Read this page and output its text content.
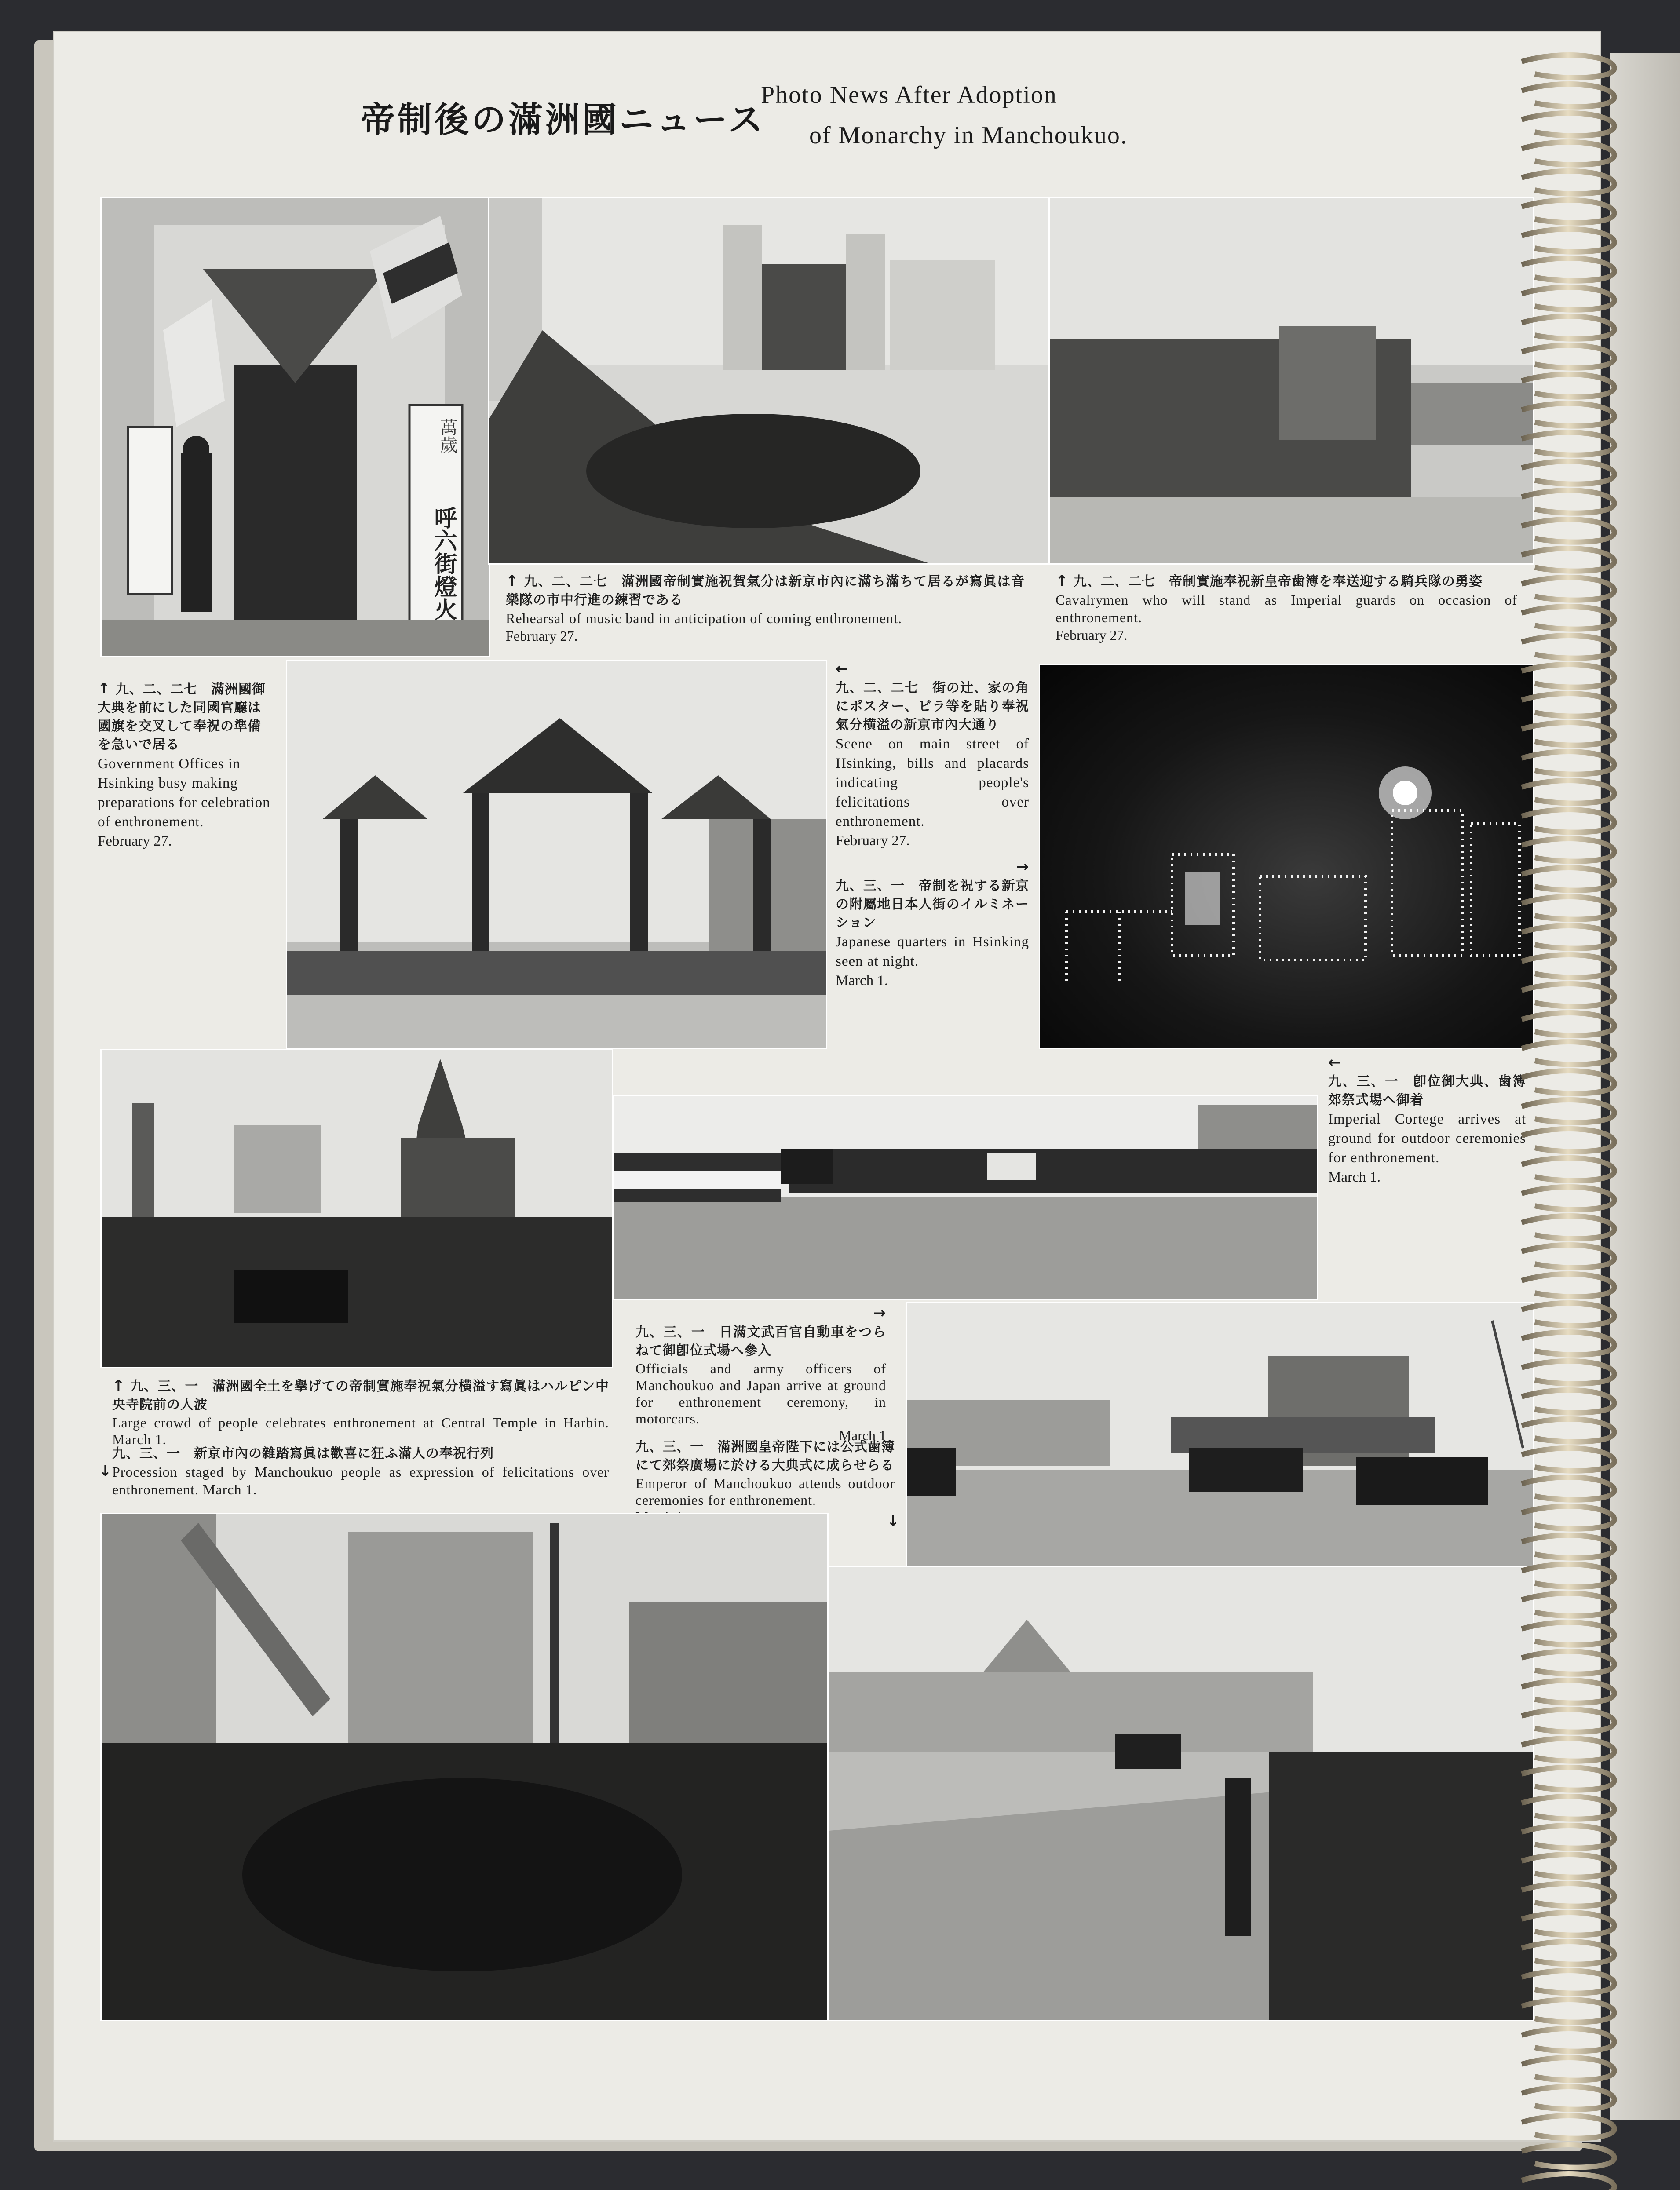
帝制後の滿洲國ニュース
Photo News After Adoption
of Monarchy in Manchoukuo.
萬歲
呼六街燈火	↑ 九、二、二七　滿洲國帝制實施祝賀氣分は新京市內に滿ち滿ちて居るが寫眞は音樂隊の市中行進の練習である
Rehearsal of music band in anticipation of coming enthronement.
February 27.
↑ 九、二、二七　帝制實施奉祝新皇帝歯簿を奉送迎する騎兵隊の勇姿
Cavalrymen who will stand as Imperial guards on occasion of enthronement.
February 27.
↑ 九、二、二七　滿洲國御大典を前にした同國官廳は國旗を交叉して奉祝の準備を急いで居る
Government Offices in Hsinking busy making preparations for celebration of enthronement.
February 27.
←
九、二、二七　街の辻、家の角にポスター、ビラ等を貼り奉祝氣分横溢の新京市內大通り
Scene on main street of Hsinking, bills and placards indicating people's felicitations over enthronement.
February 27.
→
九、三、一　帝制を祝する新京の附屬地日本人街のイルミネーション
Japanese quarters in Hsinking seen at night.
March 1.
←
九、三、一　卽位御大典、歯簿郊祭式場へ御着
Imperial Cortege arrives at ground for outdoor ceremonies for enthronement.
March 1.
→
九、三、一　日滿文武百官自動車をつらねて御卽位式場へ參入
Officials and army officers of Manchoukuo and Japan arrive at ground for enthronement ceremony, in motorcars.
March 1
九、三、一　滿洲國皇帝陛下には公式歯簿にて郊祭廣場に於ける大典式に成らせらる
Emperor of Manchoukuo attends outdoor ceremonies for enthronement.
↓
↑ 九、三、一　滿洲國全土を擧げての帝制實施奉祝氣分横溢す寫眞はハルピン中央寺院前の人波
Large crowd of people celebrates enthronement at Central Temple in Harbin. March 1.
九、三、一　新京市內の雜踏寫眞は歡喜に狂ふ滿人の奉祝行列
Procession staged by Manchoukuo people as expression of felicitations over enthronement. March 1.
↓
